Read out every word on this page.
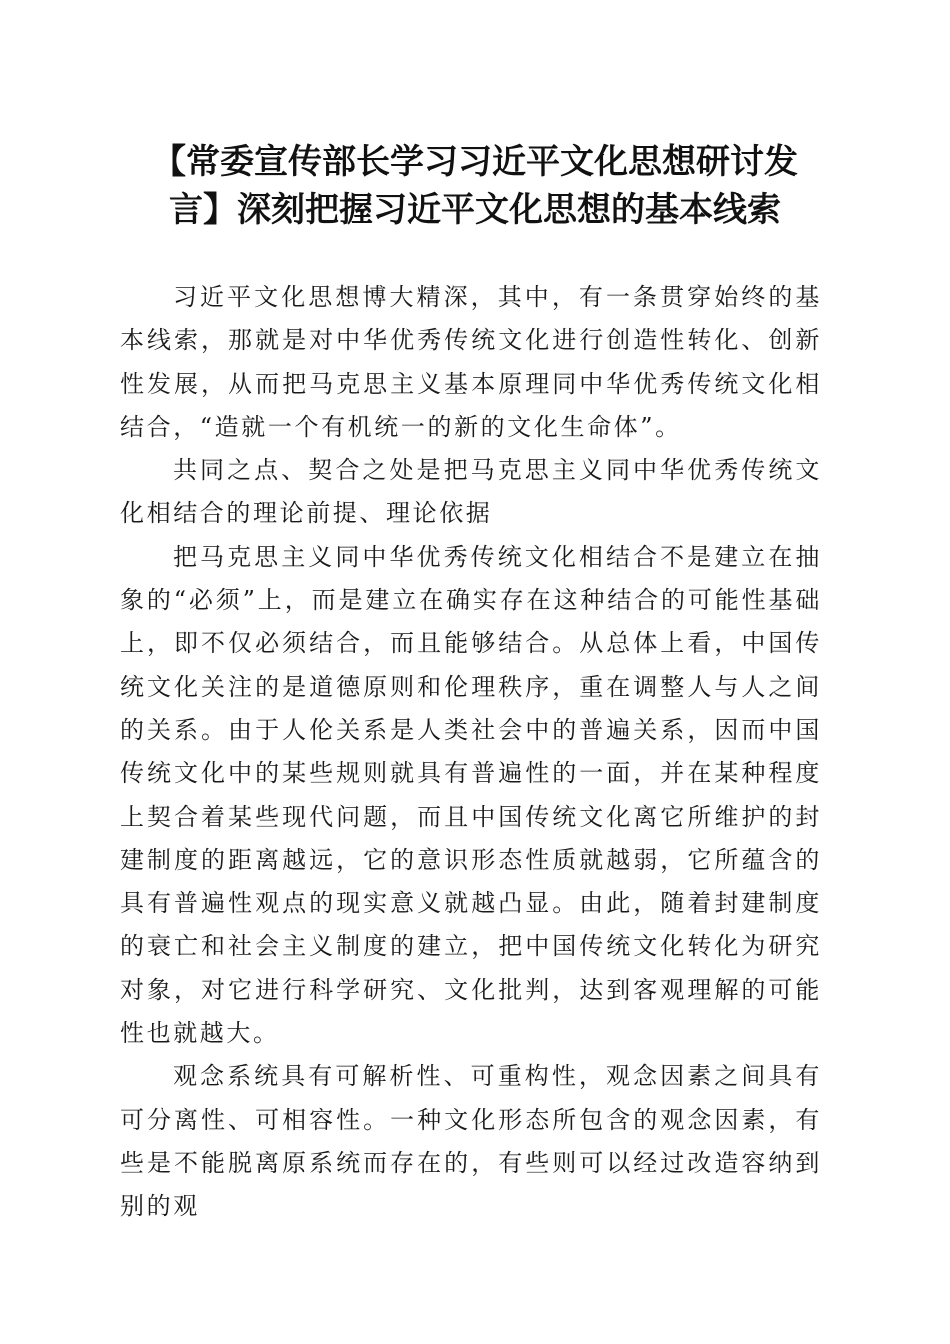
【常委宣传部长学习习近平文化思想研讨发
言】深刻把握习近平文化思想的基本线索

习近平文化思想博大精深，其中，有一条贯穿始终的基本线索，那就是对中华优秀传统文化进行创造性转化、创新性发展，从而把马克思主义基本原理同中华优秀传统文化相结合，“造就一个有机统一的新的文化生命体”。

共同之点、契合之处是把马克思主义同中华优秀传统文化相结合的理论前提、理论依据

把马克思主义同中华优秀传统文化相结合不是建立在抽象的“必须”上，而是建立在确实存在这种结合的可能性基础上，即不仅必须结合，而且能够结合。从总体上看，中国传统文化关注的是道德原则和伦理秩序，重在调整人与人之间的关系。由于人伦关系是人类社会中的普遍关系，因而中国传统文化中的某些规则就具有普遍性的一面，并在某种程度上契合着某些现代问题，而且中国传统文化离它所维护的封建制度的距离越远，它的意识形态性质就越弱，它所蕴含的具有普遍性观点的现实意义就越凸显。由此，随着封建制度的衰亡和社会主义制度的建立，把中国传统文化转化为研究对象，对它进行科学研究、文化批判，达到客观理解的可能性也就越大。

观念系统具有可解析性、可重构性，观念因素之间具有可分离性、可相容性。一种文化形态所包含的观念因素，有些是不能脱离原系统而存在的，有些则可以经过改造容纳到别的观
